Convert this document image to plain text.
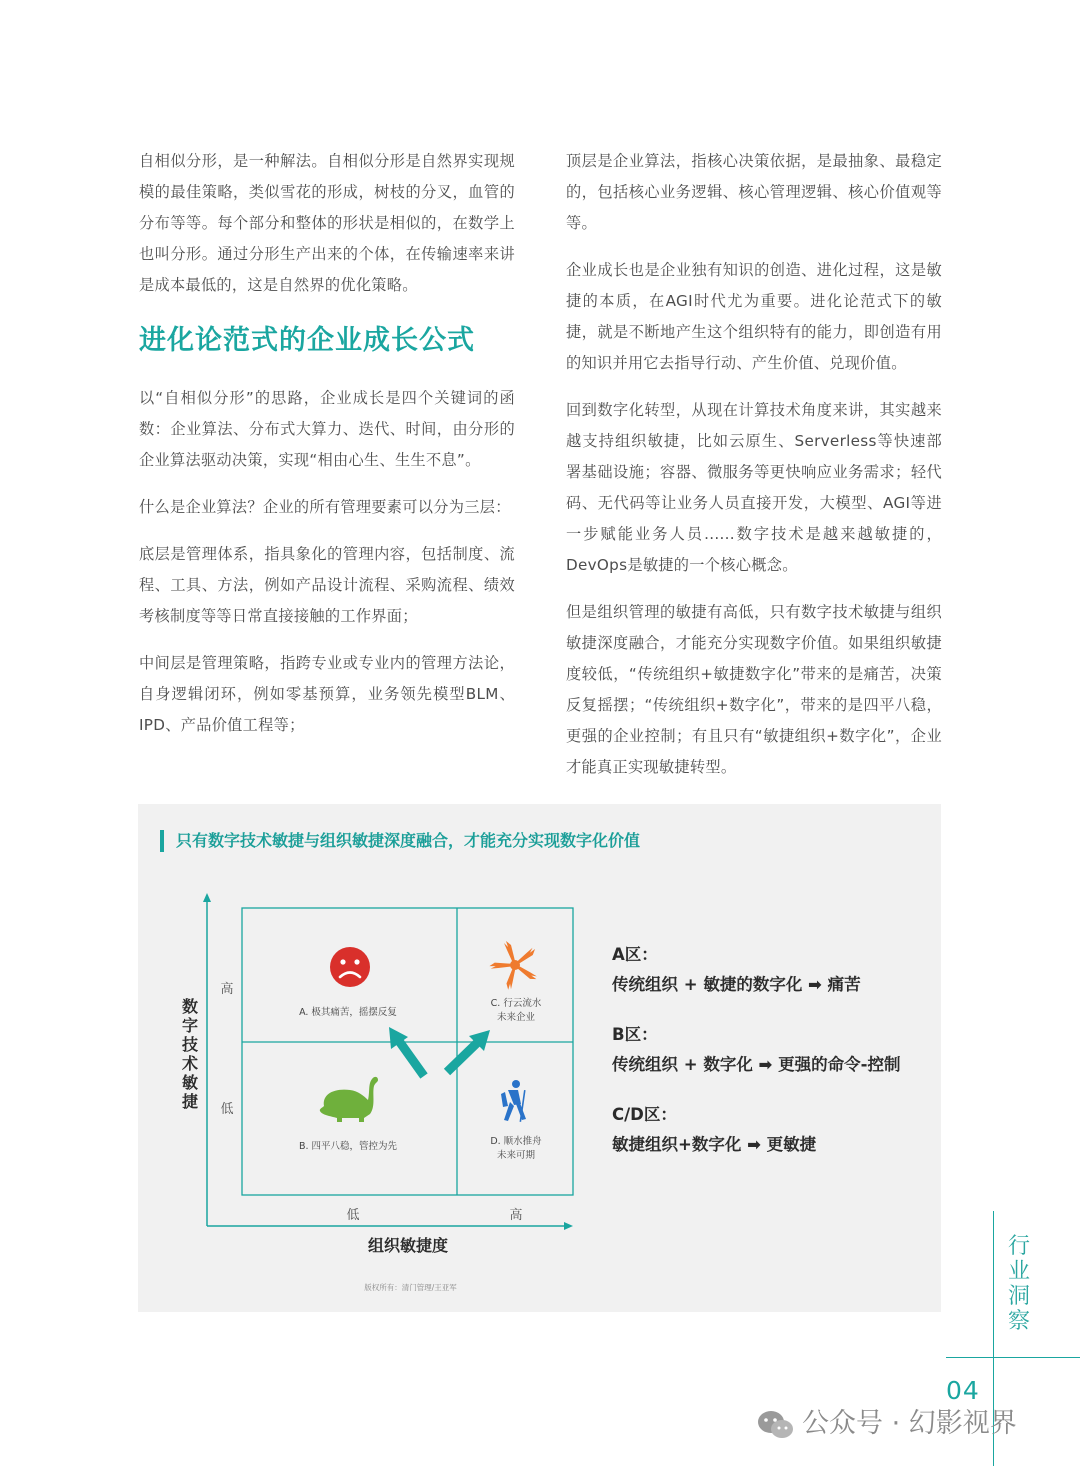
自相似分形，是一种解法。自相似分形是自然界实现规模的最佳策略，类似雪花的形成，树枝的分叉，血管的分布等等。每个部分和整体的形状是相似的，在数学上也叫分形。通过分形生产出来的个体，在传输速率来讲是成本最低的，这是自然界的优化策略。

进化论范式的企业成长公式

以“自相似分形”的思路，企业成长是四个关键词的函数：企业算法、分布式大算力、迭代、时间，由分形的企业算法驱动决策，实现“相由心生、生生不息”。

什么是企业算法？企业的所有管理要素可以分为三层：

底层是管理体系，指具象化的管理内容，包括制度、流程、工具、方法，例如产品设计流程、采购流程、绩效考核制度等等日常直接接触的工作界面；

中间层是管理策略，指跨专业或专业内的管理方法论，自身逻辑闭环，例如零基预算，业务领先模型BLM、IPD、产品价值工程等；

顶层是企业算法，指核心决策依据，是最抽象、最稳定的，包括核心业务逻辑、核心管理逻辑、核心价值观等等。

企业成长也是企业独有知识的创造、进化过程，这是敏捷的本质，在AGI时代尤为重要。进化论范式下的敏捷，就是不断地产生这个组织特有的能力，即创造有用的知识并用它去指导行动、产生价值、兑现价值。

回到数字化转型，从现在计算技术角度来讲，其实越来越支持组织敏捷，比如云原生、Serverless等快速部署基础设施；容器、微服务等更快响应业务需求；轻代码、无代码等让业务人员直接开发，大模型、AGI等进一步赋能业务人员......数字技术是越来越敏捷的，DevOps是敏捷的一个核心概念。

但是组织管理的敏捷有高低，只有数字技术敏捷与组织敏捷深度融合，才能充分实现数字价值。如果组织敏捷度较低，“传统组织+敏捷数字化”带来的是痛苦，决策反复摇摆；“传统组织+数字化”，带来的是四平八稳，更强的企业控制；有且只有“敏捷组织+数字化”，企业才能真正实现敏捷转型。

只有数字技术敏捷与组织敏捷深度融合，才能充分实现数字化价值
数字技术敏捷
高
低
低	高
组织敏捷度
A. 极其痛苦，摇摆反复
C. 行云流水
未来企业
B. 四平八稳，管控为先	D. 顺水推舟
未来可期
A区：
传统组织 + 敏捷的数字化 ➡ 痛苦
B区：
传统组织 + 数字化 ➡ 更强的命令-控制
C/D区：
敏捷组织+数字化 ➡ 更敏捷
版权所有：清门管理/王亚军
行
业
洞
察
04
公众号 · 幻影视界
